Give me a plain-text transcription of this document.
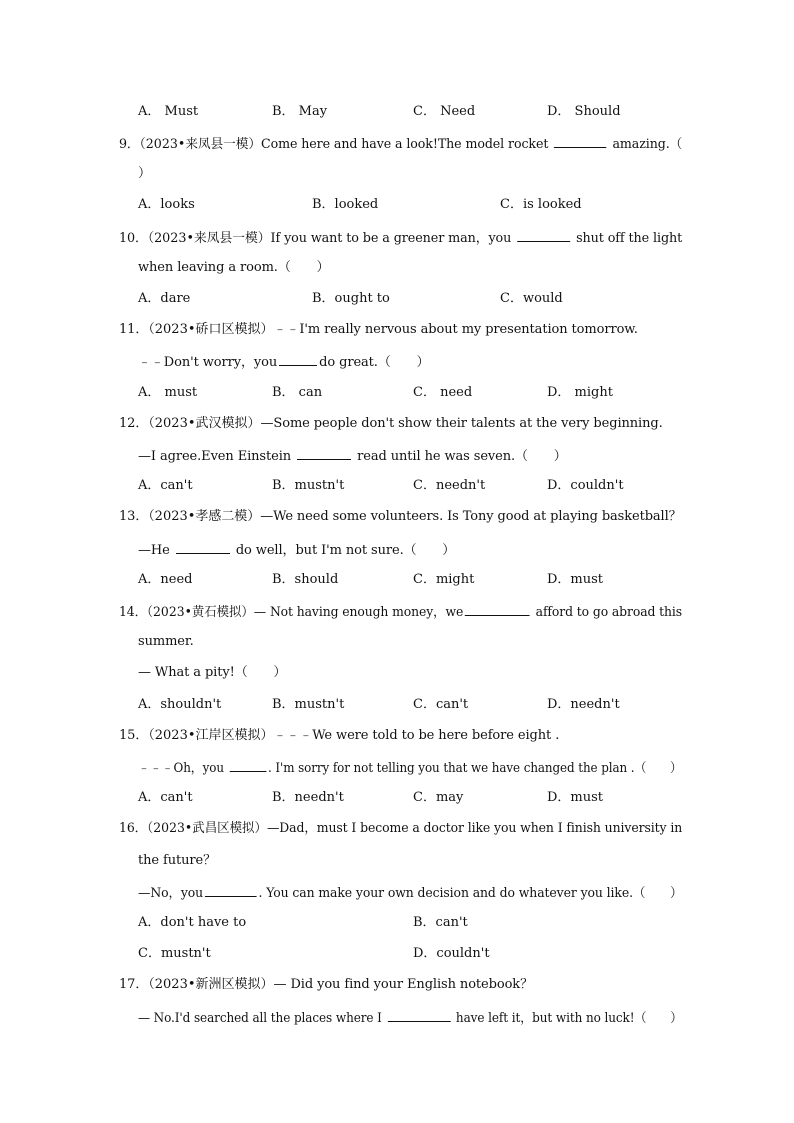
A． Must	B． May	C． Need	D． Should
9．（2023•来凤县一模）Come here and have a look!The model rocket	amazing.（
）
A．looks	B．looked	C．is looked
10．（2023•来凤县一模）If you want to be a greener man，you	shut off the light
when leaving a room.（　　）
A．dare	B．ought to	C．would
11．（2023•硚口区模拟）﹣﹣I'm really nervous about my presentation tomorrow.
﹣﹣Don't worry，you	do great.（　　）
A． must	B． can	C． need	D． might
12．（2023•武汉模拟）—Some people don't show their talents at the very beginning.
—I agree.Even Einstein	read until he was seven.（　　）
A．can't	B．mustn't	C．needn't	D．couldn't
13．（2023•孝感二模）—We need some volunteers. Is Tony good at playing basketball？
—He	do well，but I'm not sure.（　　）
A．need	B．should	C．might	D．must
14．（2023•黄石模拟）— Not having enough money，we	afford to go abroad this
summer.
— What a pity!（　　）
A．shouldn't	B．mustn't	C．can't	D．needn't
15．（2023•江岸区模拟）﹣﹣﹣We were told to be here before eight .
﹣﹣﹣Oh，you	. I'm sorry for not telling you that we have changed the plan .（　　）
A．can't	B．needn't	C．may	D．must
16．（2023•武昌区模拟）—Dad，must I become a doctor like you when I finish university in
the future？
—No，you	. You can make your own decision and do whatever you like.（　　）
A．don't have to	B．can't
C．mustn't	D．couldn't
17．（2023•新洲区模拟）— Did you find your English notebook？
— No.I'd searched all the places where I	have left it，but with no luck!（　　）
